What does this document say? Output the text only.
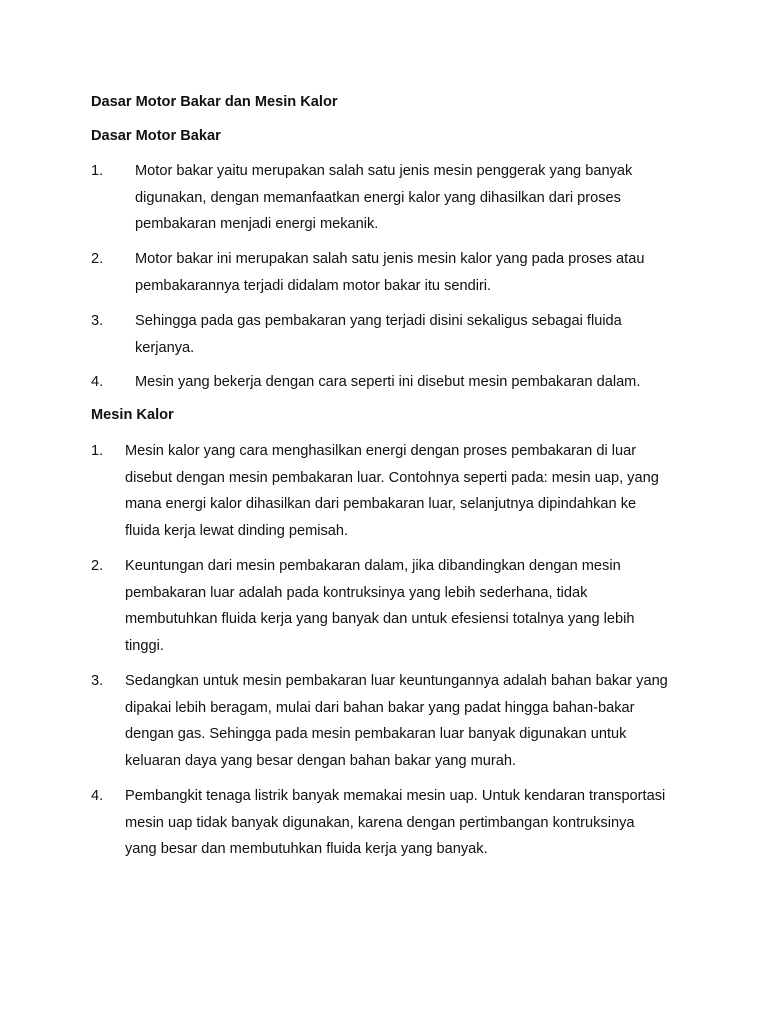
Dasar Motor Bakar dan Mesin Kalor
Dasar Motor Bakar
1. Motor bakar yaitu merupakan salah satu jenis mesin penggerak yang banyak digunakan, dengan memanfaatkan energi kalor yang dihasilkan dari proses pembakaran menjadi energi mekanik.
2. Motor bakar ini merupakan salah satu jenis mesin kalor yang pada proses atau pembakarannya terjadi didalam motor bakar itu sendiri.
3. Sehingga pada gas pembakaran yang terjadi disini sekaligus sebagai fluida kerjanya.
4. Mesin yang bekerja dengan cara seperti ini disebut mesin pembakaran dalam.
Mesin Kalor
1. Mesin kalor yang cara menghasilkan energi dengan proses pembakaran di luar disebut dengan mesin pembakaran luar. Contohnya seperti pada: mesin uap, yang mana energi kalor dihasilkan dari pembakaran luar, selanjutnya dipindahkan ke fluida kerja lewat dinding pemisah.
2. Keuntungan dari mesin pembakaran dalam, jika dibandingkan dengan mesin pembakaran luar adalah pada kontruksinya yang lebih sederhana, tidak membutuhkan fluida kerja yang banyak dan untuk efesiensi totalnya yang lebih tinggi.
3. Sedangkan untuk mesin pembakaran luar keuntungannya adalah bahan bakar yang dipakai lebih beragam, mulai dari bahan bakar yang padat hingga bahan-bakar dengan gas. Sehingga pada mesin pembakaran luar banyak digunakan untuk keluaran daya yang besar dengan bahan bakar yang murah.
4. Pembangkit tenaga listrik banyak memakai mesin uap. Untuk kendaran transportasi mesin uap tidak banyak digunakan, karena dengan pertimbangan kontruksinya yang besar dan membutuhkan fluida kerja yang banyak.
